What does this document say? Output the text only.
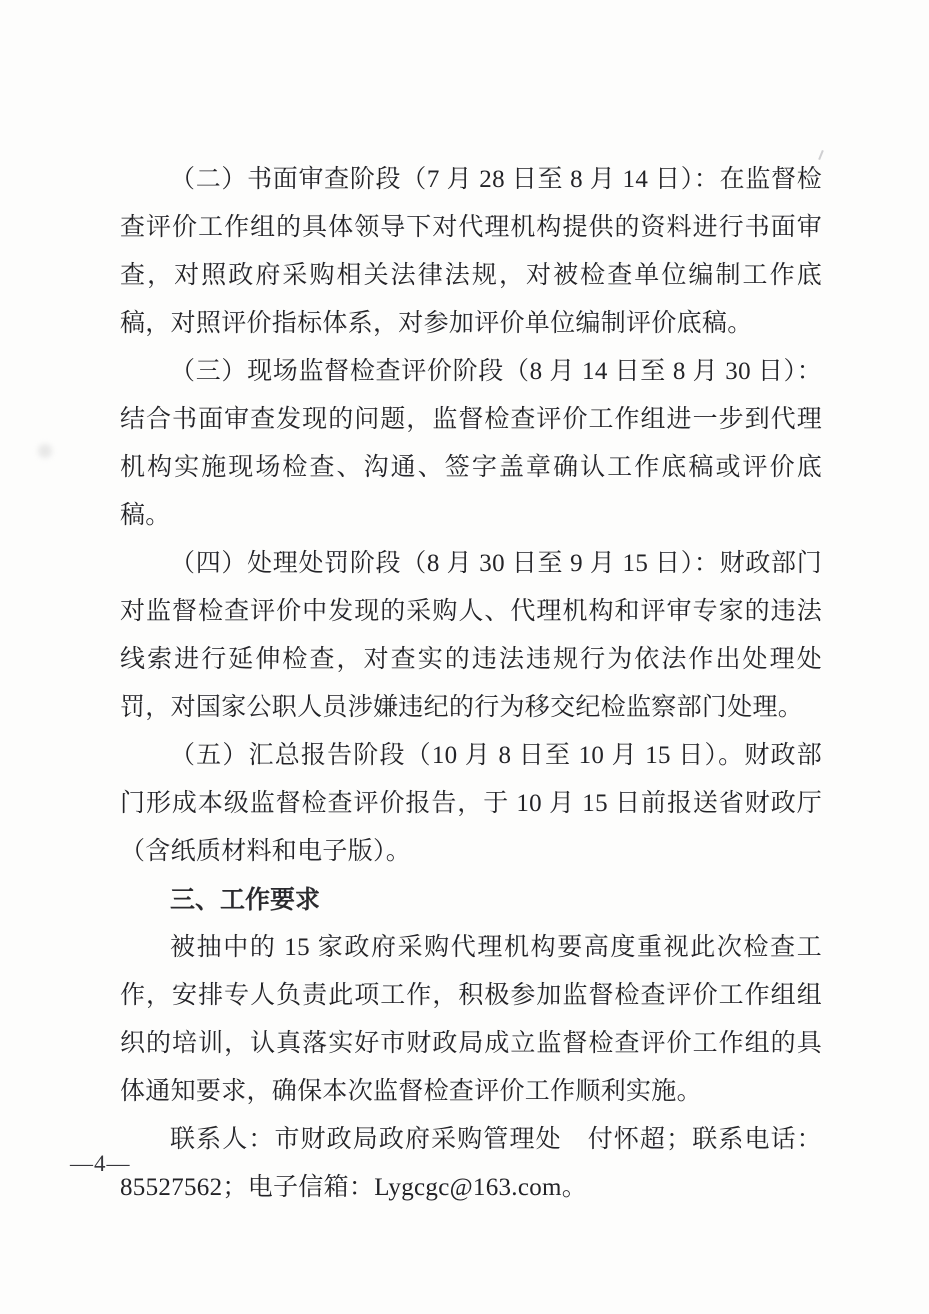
（二）书面审查阶段（7 月 28 日至 8 月 14 日）：在监督检查评价工作组的具体领导下对代理机构提供的资料进行书面审查，对照政府采购相关法律法规，对被检查单位编制工作底稿，对照评价指标体系，对参加评价单位编制评价底稿。

（三）现场监督检查评价阶段（8 月 14 日至 8 月 30 日）：结合书面审查发现的问题，监督检查评价工作组进一步到代理机构实施现场检查、沟通、签字盖章确认工作底稿或评价底稿。

（四）处理处罚阶段（8 月 30 日至 9 月 15 日）：财政部门对监督检查评价中发现的采购人、代理机构和评审专家的违法线索进行延伸检查，对查实的违法违规行为依法作出处理处罚，对国家公职人员涉嫌违纪的行为移交纪检监察部门处理。

（五）汇总报告阶段（10 月 8 日至 10 月 15 日）。财政部门形成本级监督检查评价报告，于 10 月 15 日前报送省财政厅（含纸质材料和电子版）。

三、工作要求

被抽中的 15 家政府采购代理机构要高度重视此次检查工作，安排专人负责此项工作，积极参加监督检查评价工作组组织的培训，认真落实好市财政局成立监督检查评价工作组的具体通知要求，确保本次监督检查评价工作顺利实施。

联系人：市财政局政府采购管理处　付怀超；联系电话：85527562；电子信箱：Lygcgc@163.com。

—4—
